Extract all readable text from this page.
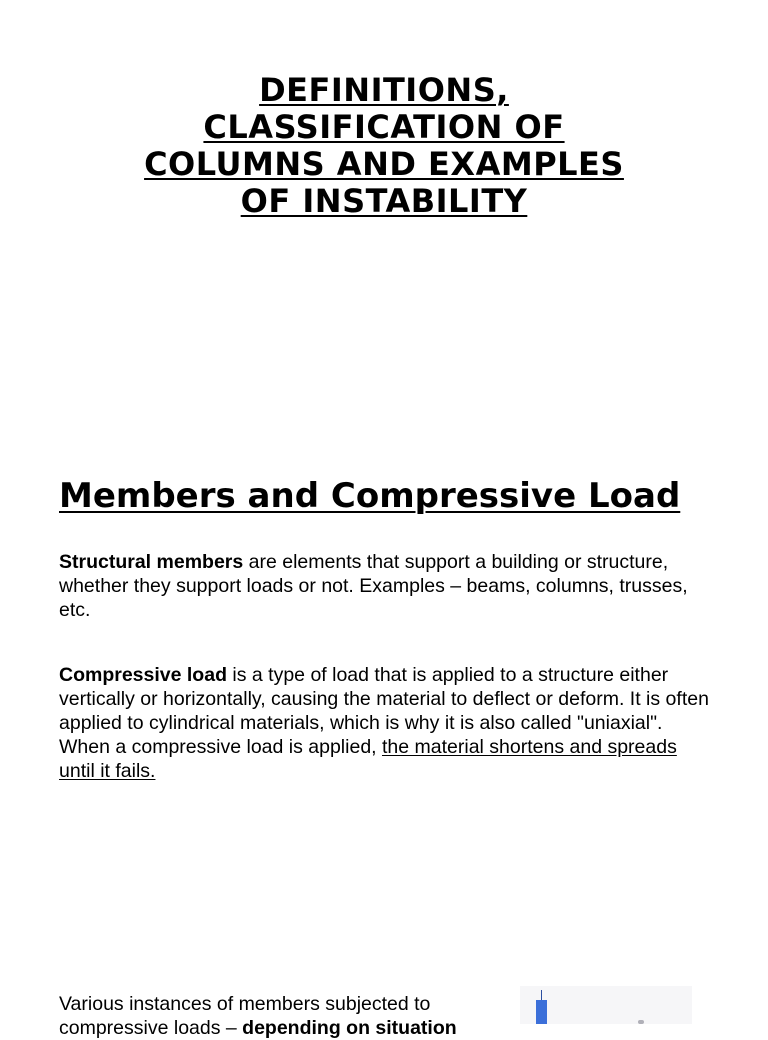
DEFINITIONS,
CLASSIFICATION OF
COLUMNS AND EXAMPLES
OF INSTABILITY
Members and Compressive Load

Structural members are elements that support a building or structure, whether they support loads or not. Examples – beams, columns, trusses, etc.

Compressive load is a type of load that is applied to a structure either vertically or horizontally, causing the material to deflect or deform. It is often applied to cylindrical materials, which is why it is also called "uniaxial". When a compressive load is applied, the material shortens and spreads until it fails.

Various instances of members subjected to
compressive loads – depending on situation
